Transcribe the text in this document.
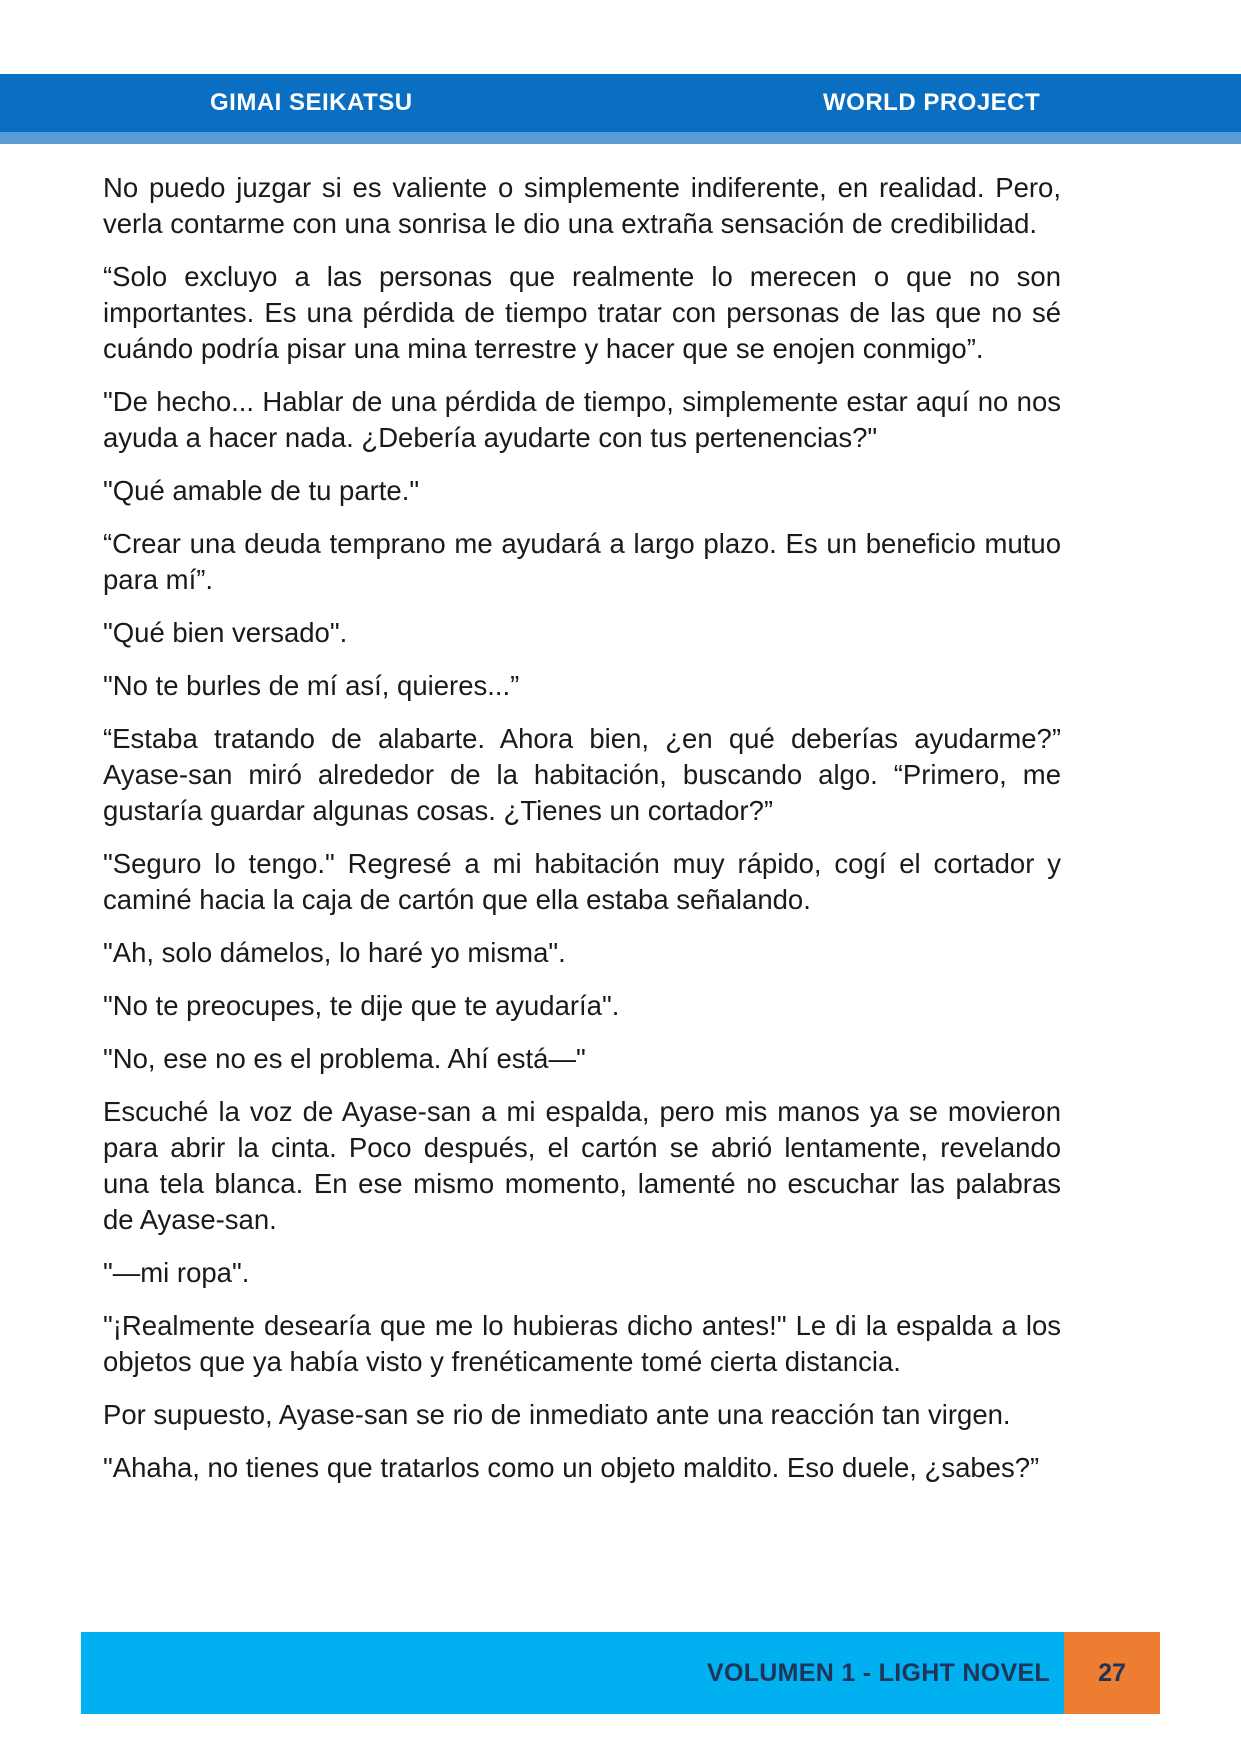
GIMAI SEIKATSU	WORLD PROJECT

No puedo juzgar si es valiente o simplemente indiferente, en realidad. Pero, verla contarme con una sonrisa le dio una extraña sensación de credibilidad.

“Solo excluyo a las personas que realmente lo merecen o que no son importantes. Es una pérdida de tiempo tratar con personas de las que no sé cuándo podría pisar una mina terrestre y hacer que se enojen conmigo”.

"De hecho... Hablar de una pérdida de tiempo, simplemente estar aquí no nos ayuda a hacer nada. ¿Debería ayudarte con tus pertenencias?"

"Qué amable de tu parte."

“Crear una deuda temprano me ayudará a largo plazo. Es un beneficio mutuo para mí”.

"Qué bien versado".

"No te burles de mí así, quieres...”

“Estaba tratando de alabarte. Ahora bien, ¿en qué deberías ayudarme?” Ayase-san miró alrededor de la habitación, buscando algo. “Primero, me gustaría guardar algunas cosas. ¿Tienes un cortador?”

"Seguro lo tengo." Regresé a mi habitación muy rápido, cogí el cortador y caminé hacia la caja de cartón que ella estaba señalando.

"Ah, solo dámelos, lo haré yo misma".

"No te preocupes, te dije que te ayudaría".

"No, ese no es el problema. Ahí está—"

Escuché la voz de Ayase-san a mi espalda, pero mis manos ya se movieron para abrir la cinta. Poco después, el cartón se abrió lentamente, revelando una tela blanca. En ese mismo momento, lamenté no escuchar las palabras de Ayase-san.

"—mi ropa".

"¡Realmente desearía que me lo hubieras dicho antes!" Le di la espalda a los objetos que ya había visto y frenéticamente tomé cierta distancia.

Por supuesto, Ayase-san se rio de inmediato ante una reacción tan virgen.

"Ahaha, no tienes que tratarlos como un objeto maldito. Eso duele, ¿sabes?”

VOLUMEN 1 - LIGHT NOVEL	27
